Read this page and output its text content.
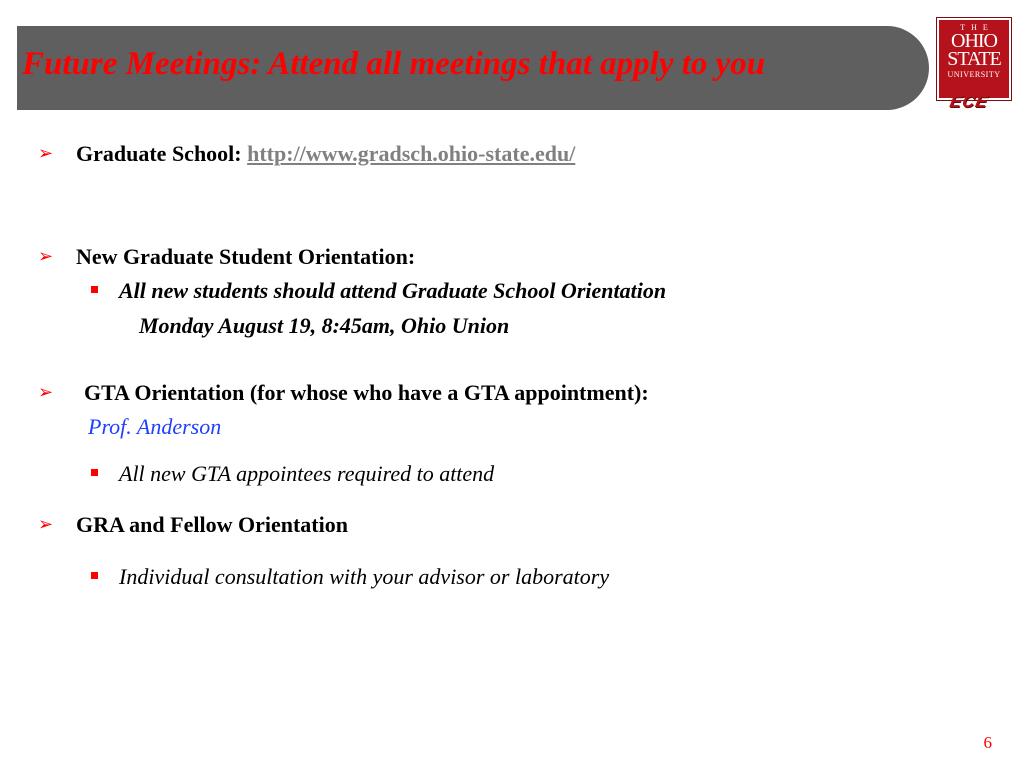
Future Meetings: Attend all meetings that apply to you
THE
OHIO
STATE
UNIVERSITY
ECE
➢ Graduate School: http://www.gradsch.ohio-state.edu/
➢ New Graduate Student Orientation:
All new students should attend Graduate School Orientation
Monday August 19, 8:45am, Ohio Union
➢ GTA Orientation (for whose who have a GTA appointment):
Prof. Anderson
All new GTA appointees required to attend
➢ GRA and Fellow Orientation
Individual consultation with your advisor or laboratory
6
